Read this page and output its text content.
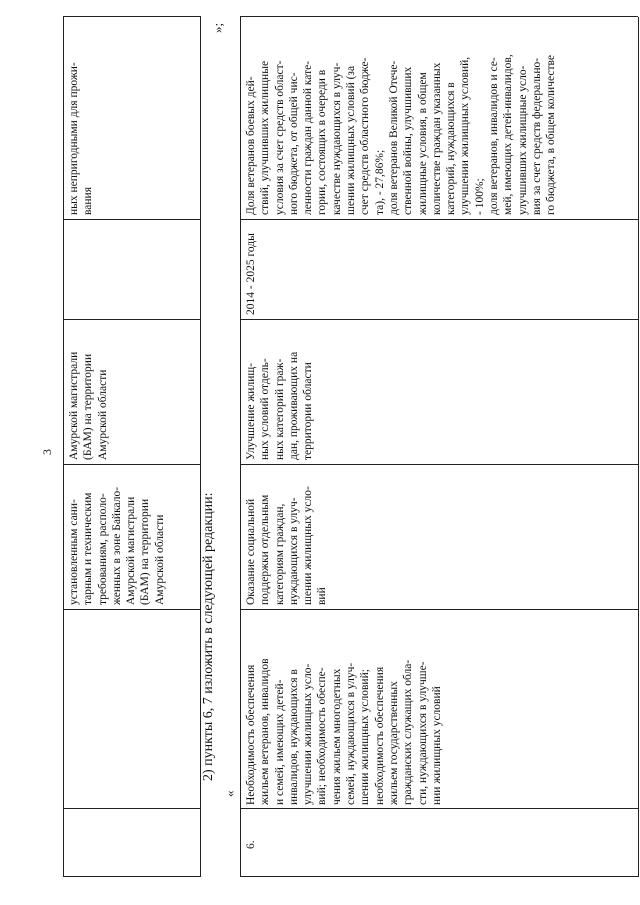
3
установленным сани-
тарным и техническим
требованиям, располо-
женных в зоне Байкало-
Амурской магистрали
(БАМ) на территории
Амурской области
Амурской магистрали
(БАМ) на территории
Амурской области
ных непригодными для прожи-
вания
»;
2) пункты 6, 7 изложить в следующей редакции:
«
6.
Необходимость обеспечения
жильем ветеранов, инвалидов
и семей, имеющих детей-
инвалидов, нуждающихся в
улучшении жилищных усло-
вий; необходимость обеспе-
чения жильем многодетных
семей, нуждающихся в улуч-
шении жилищных условий;
необходимость обеспечения
жильем государственных
гражданских служащих обла-
сти, нуждающихся в улучше-
нии жилищных условий
Оказание социальной
поддержки отдельным
категориям граждан,
нуждающихся в улуч-
шении жилищных усло-
вий
Улучшение жилищ-
ных условий отдель-
ных категорий граж-
дан, проживающих на
территории области
2014 - 2025 годы
Доля ветеранов боевых дей-
ствий, улучшивших жилищные
условия за счет средств област-
ного бюджета, от общей чис-
ленности граждан данной кате-
гории, состоящих в очереди в
качестве нуждающихся в улуч-
шении жилищных условий (за
счет средств областного бюдже-
та), - 27,86%;
доля ветеранов Великой Отече-
ственной войны, улучшивших
жилищные условия, в общем
количестве граждан указанных
категорий, нуждающихся в
улучшении жилищных условий,
- 100%;
доля ветеранов, инвалидов и се-
мей, имеющих детей-инвалидов,
улучшивших жилищные усло-
вия за счет средств федерально-
го бюджета, в общем количестве
